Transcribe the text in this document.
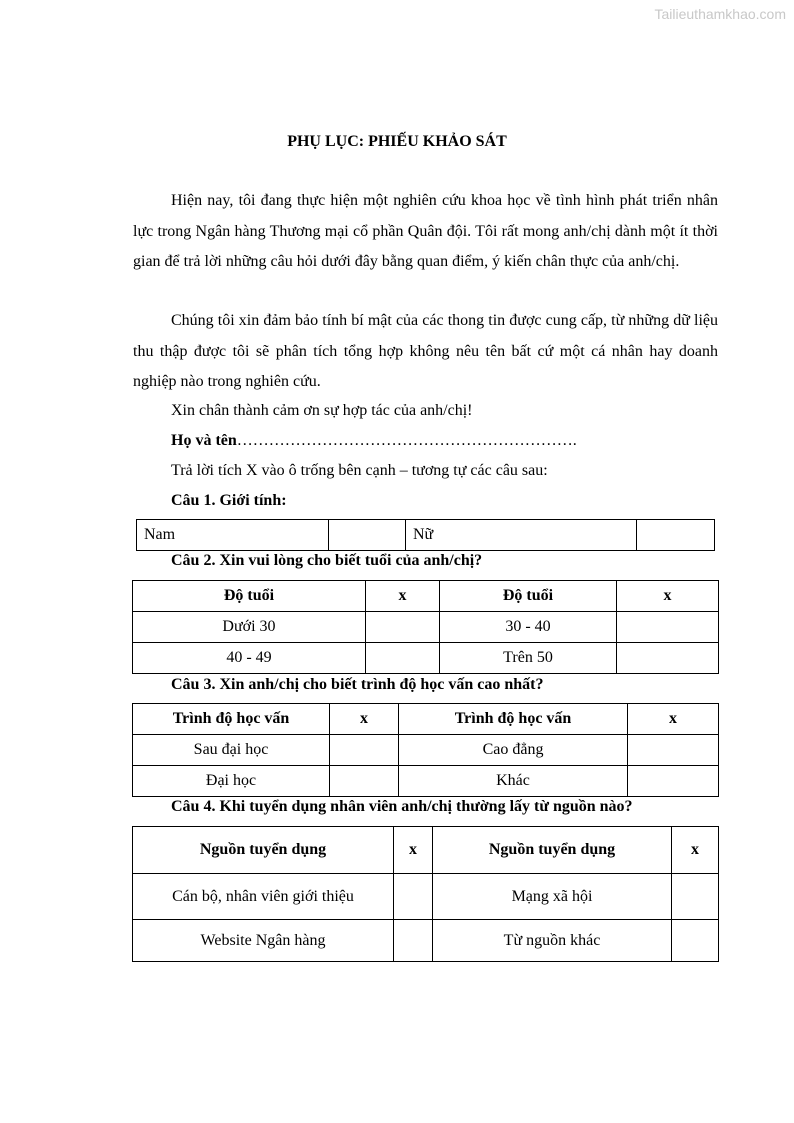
Tailieuthamkhao.com
PHỤ LỤC: PHIẾU KHẢO SÁT

Hiện nay, tôi đang thực hiện một nghiên cứu khoa học về tình hình phát triển nhân lực trong Ngân hàng Thương mại cổ phần Quân đội. Tôi rất mong anh/chị dành một ít thời gian để trả lời những câu hỏi dưới đây bằng quan điểm, ý kiến chân thực của anh/chị.

Chúng tôi xin đảm bảo tính bí mật của các thong tin được cung cấp, từ những dữ liệu thu thập được tôi sẽ phân tích tổng hợp không nêu tên bất cứ một cá nhân hay doanh nghiệp nào trong nghiên cứu.

Xin chân thành cảm ơn sự hợp tác của anh/chị!
Họ và tên……………………………………………………….
Trả lời tích X vào ô trống bên cạnh – tương tự các câu sau:
Câu 1. Giới tính:
Nam		Nữ	
Câu 2. Xin vui lòng cho biết tuổi của anh/chị?
Độ tuổi	x	Độ tuổi	x
Dưới 30		30 - 40	
40 - 49		Trên 50	
Câu 3. Xin anh/chị cho biết trình độ học vấn cao nhất?
Trình độ học vấn	x	Trình độ học vấn	x
Sau đại học		Cao đẳng	
Đại học		Khác	
Câu 4. Khi tuyển dụng nhân viên anh/chị thường lấy từ nguồn nào?
Nguồn tuyển dụng	x	Nguồn tuyển dụng	x
Cán bộ, nhân viên giới thiệu		Mạng xã hội	
Website Ngân hàng		Từ nguồn khác	
